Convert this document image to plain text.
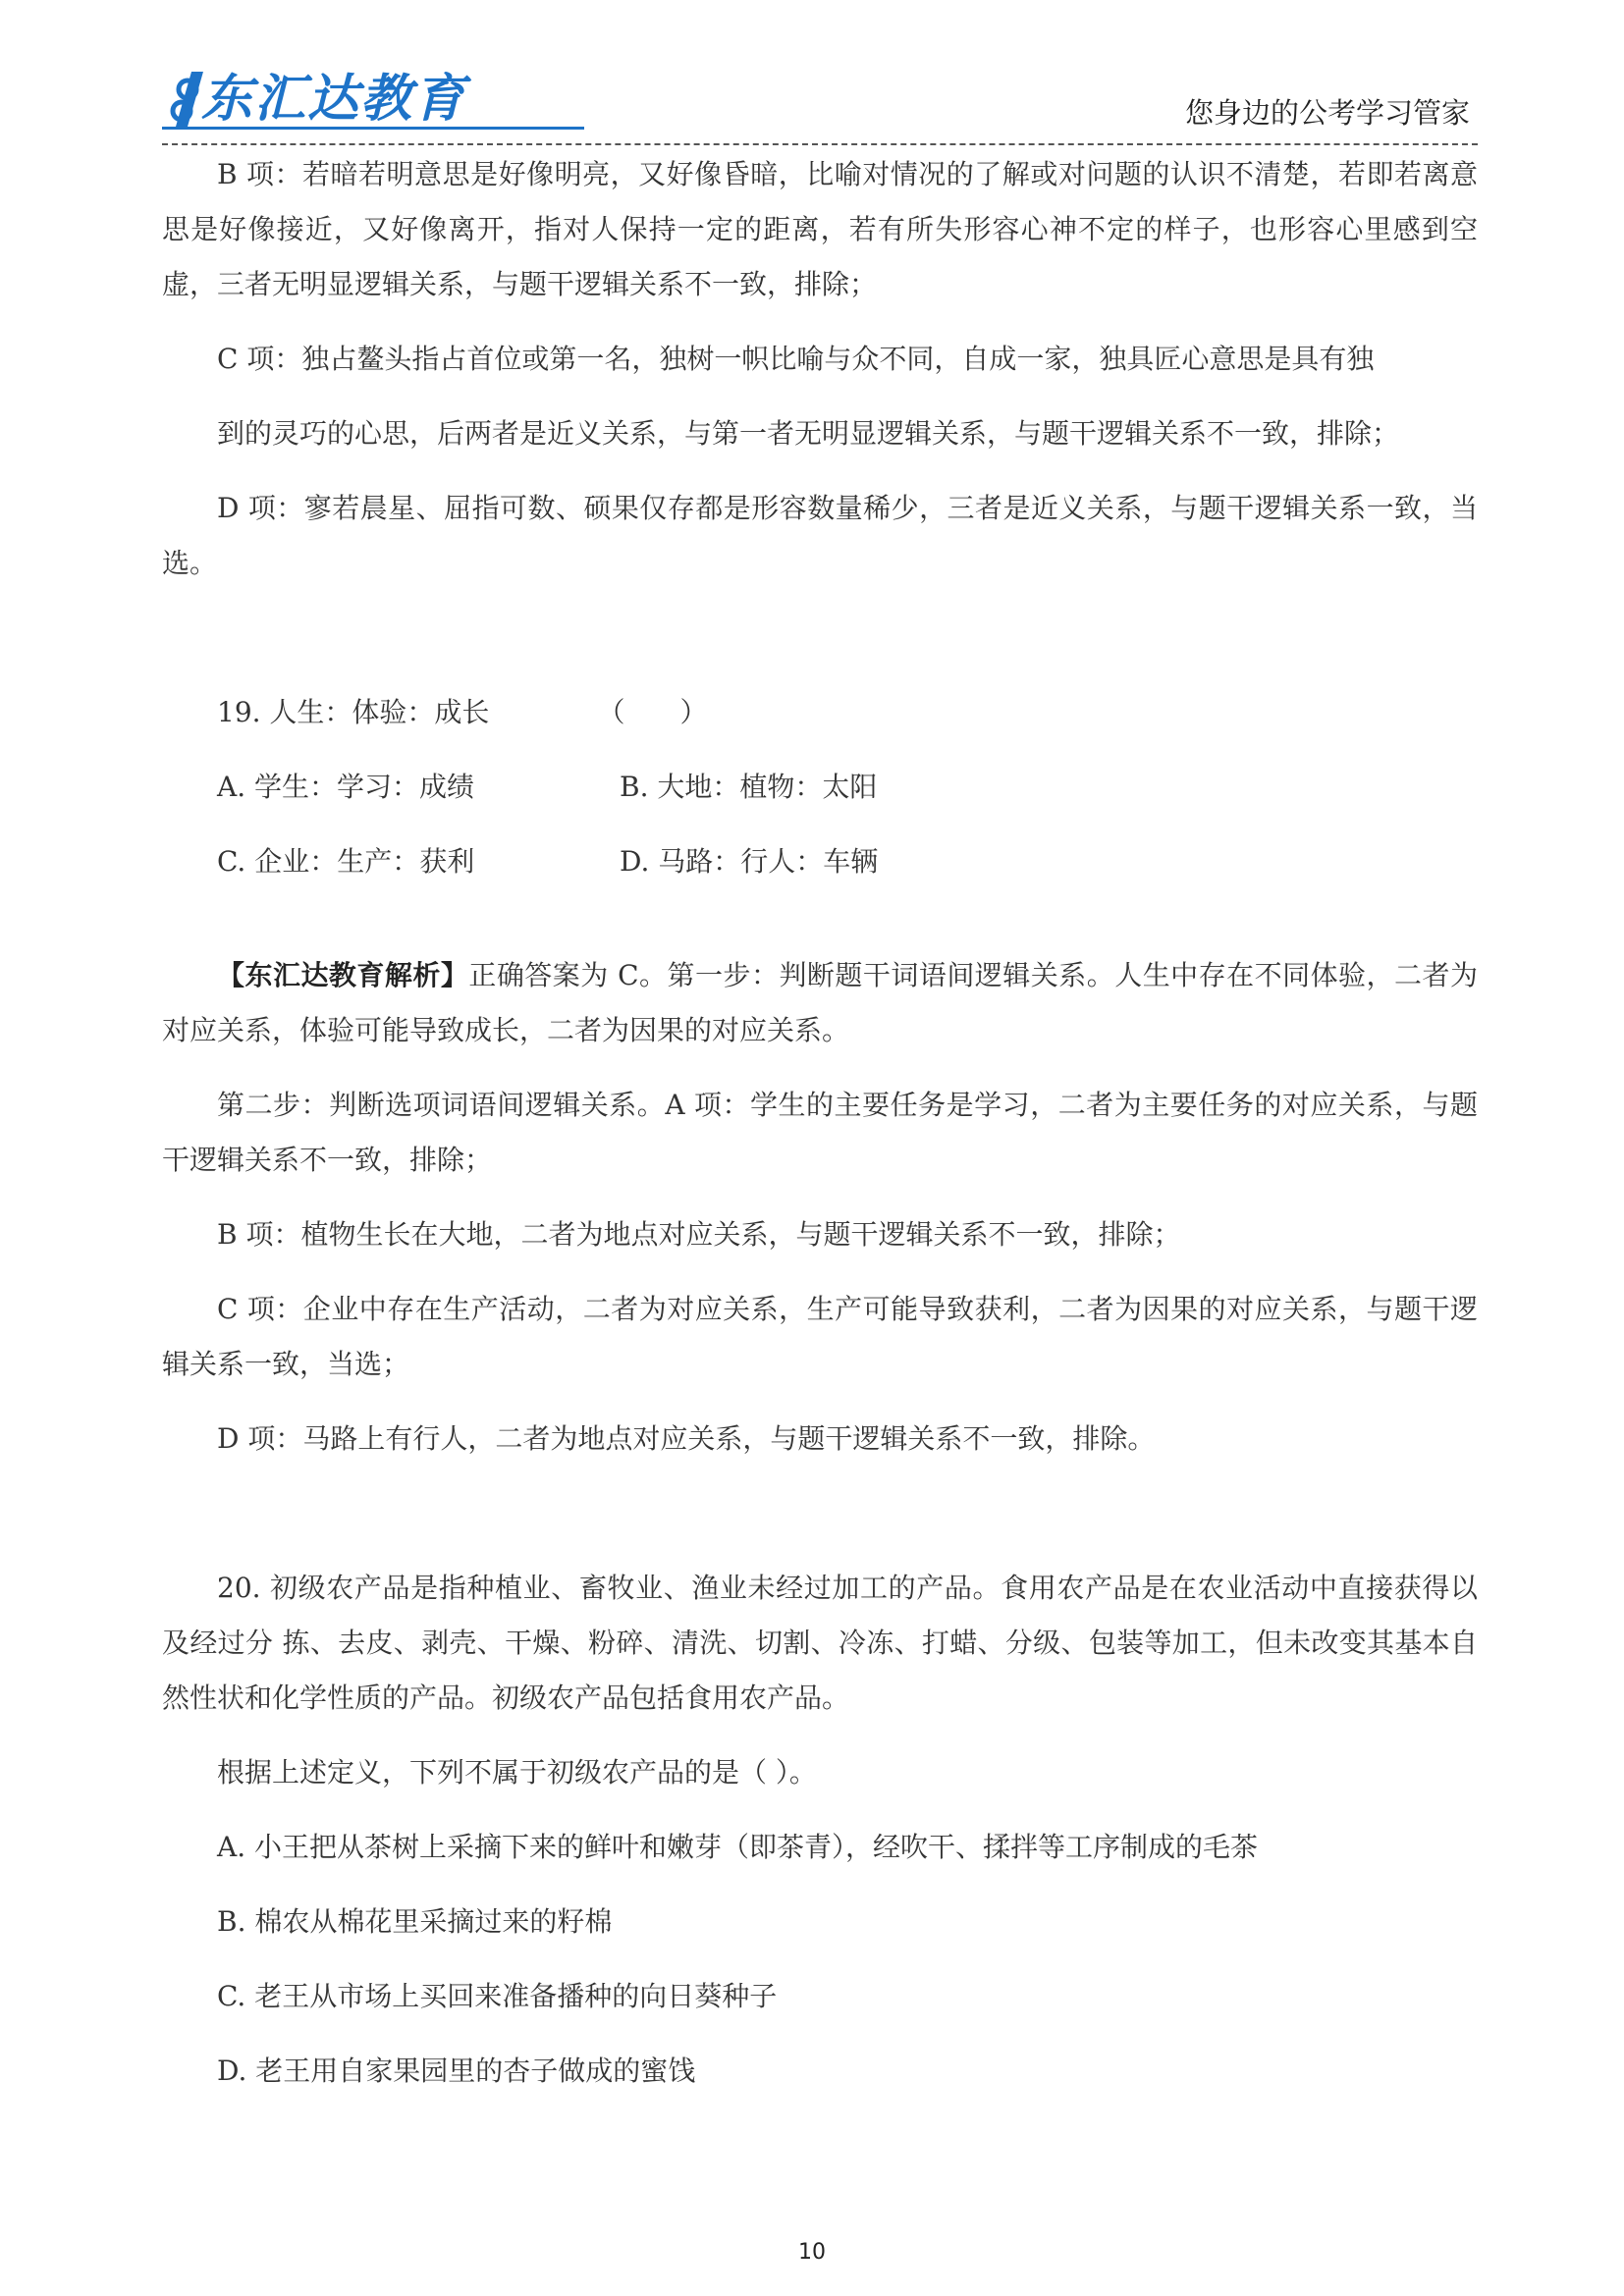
东汇达教育	您身边的公考学习管家

B 项：若暗若明意思是好像明亮，又好像昏暗，比喻对情况的了解或对问题的认识不清楚，若即若离意思是好像接近，又好像离开，指对人保持一定的距离，若有所失形容心神不定的样子，也形容心里感到空虚，三者无明显逻辑关系，与题干逻辑关系不一致，排除；

C 项：独占鳌头指占首位或第一名，独树一帜比喻与众不同，自成一家，独具匠心意思是具有独

到的灵巧的心思，后两者是近义关系，与第一者无明显逻辑关系，与题干逻辑关系不一致，排除；

D 项：寥若晨星、屈指可数、硕果仅存都是形容数量稀少，三者是近义关系，与题干逻辑关系一致，当选。

19. 人生：体验：成长	（　　）

A. 学生：学习：成绩	B. 大地：植物：太阳
C. 企业：生产：获利	D. 马路：行人：车辆

【东汇达教育解析】正确答案为 C。第一步：判断题干词语间逻辑关系。人生中存在不同体验，二者为对应关系，体验可能导致成长，二者为因果的对应关系。

第二步：判断选项词语间逻辑关系。A 项：学生的主要任务是学习，二者为主要任务的对应关系，与题干逻辑关系不一致，排除；

B 项：植物生长在大地，二者为地点对应关系，与题干逻辑关系不一致，排除；

C 项：企业中存在生产活动，二者为对应关系，生产可能导致获利，二者为因果的对应关系，与题干逻辑关系一致，当选；

D 项：马路上有行人，二者为地点对应关系，与题干逻辑关系不一致，排除。

20. 初级农产品是指种植业、畜牧业、渔业未经过加工的产品。食用农产品是在农业活动中直接获得以及经过分 拣、去皮、剥壳、干燥、粉碎、清洗、切割、冷冻、打蜡、分级、包装等加工，但未改变其基本自然性状和化学性质的产品。初级农产品包括食用农产品。

根据上述定义，下列不属于初级农产品的是（ ）。

A. 小王把从茶树上采摘下来的鲜叶和嫩芽（即茶青），经吹干、揉拌等工序制成的毛茶

B. 棉农从棉花里采摘过来的籽棉

C. 老王从市场上买回来准备播种的向日葵种子

D. 老王用自家果园里的杏子做成的蜜饯

10
